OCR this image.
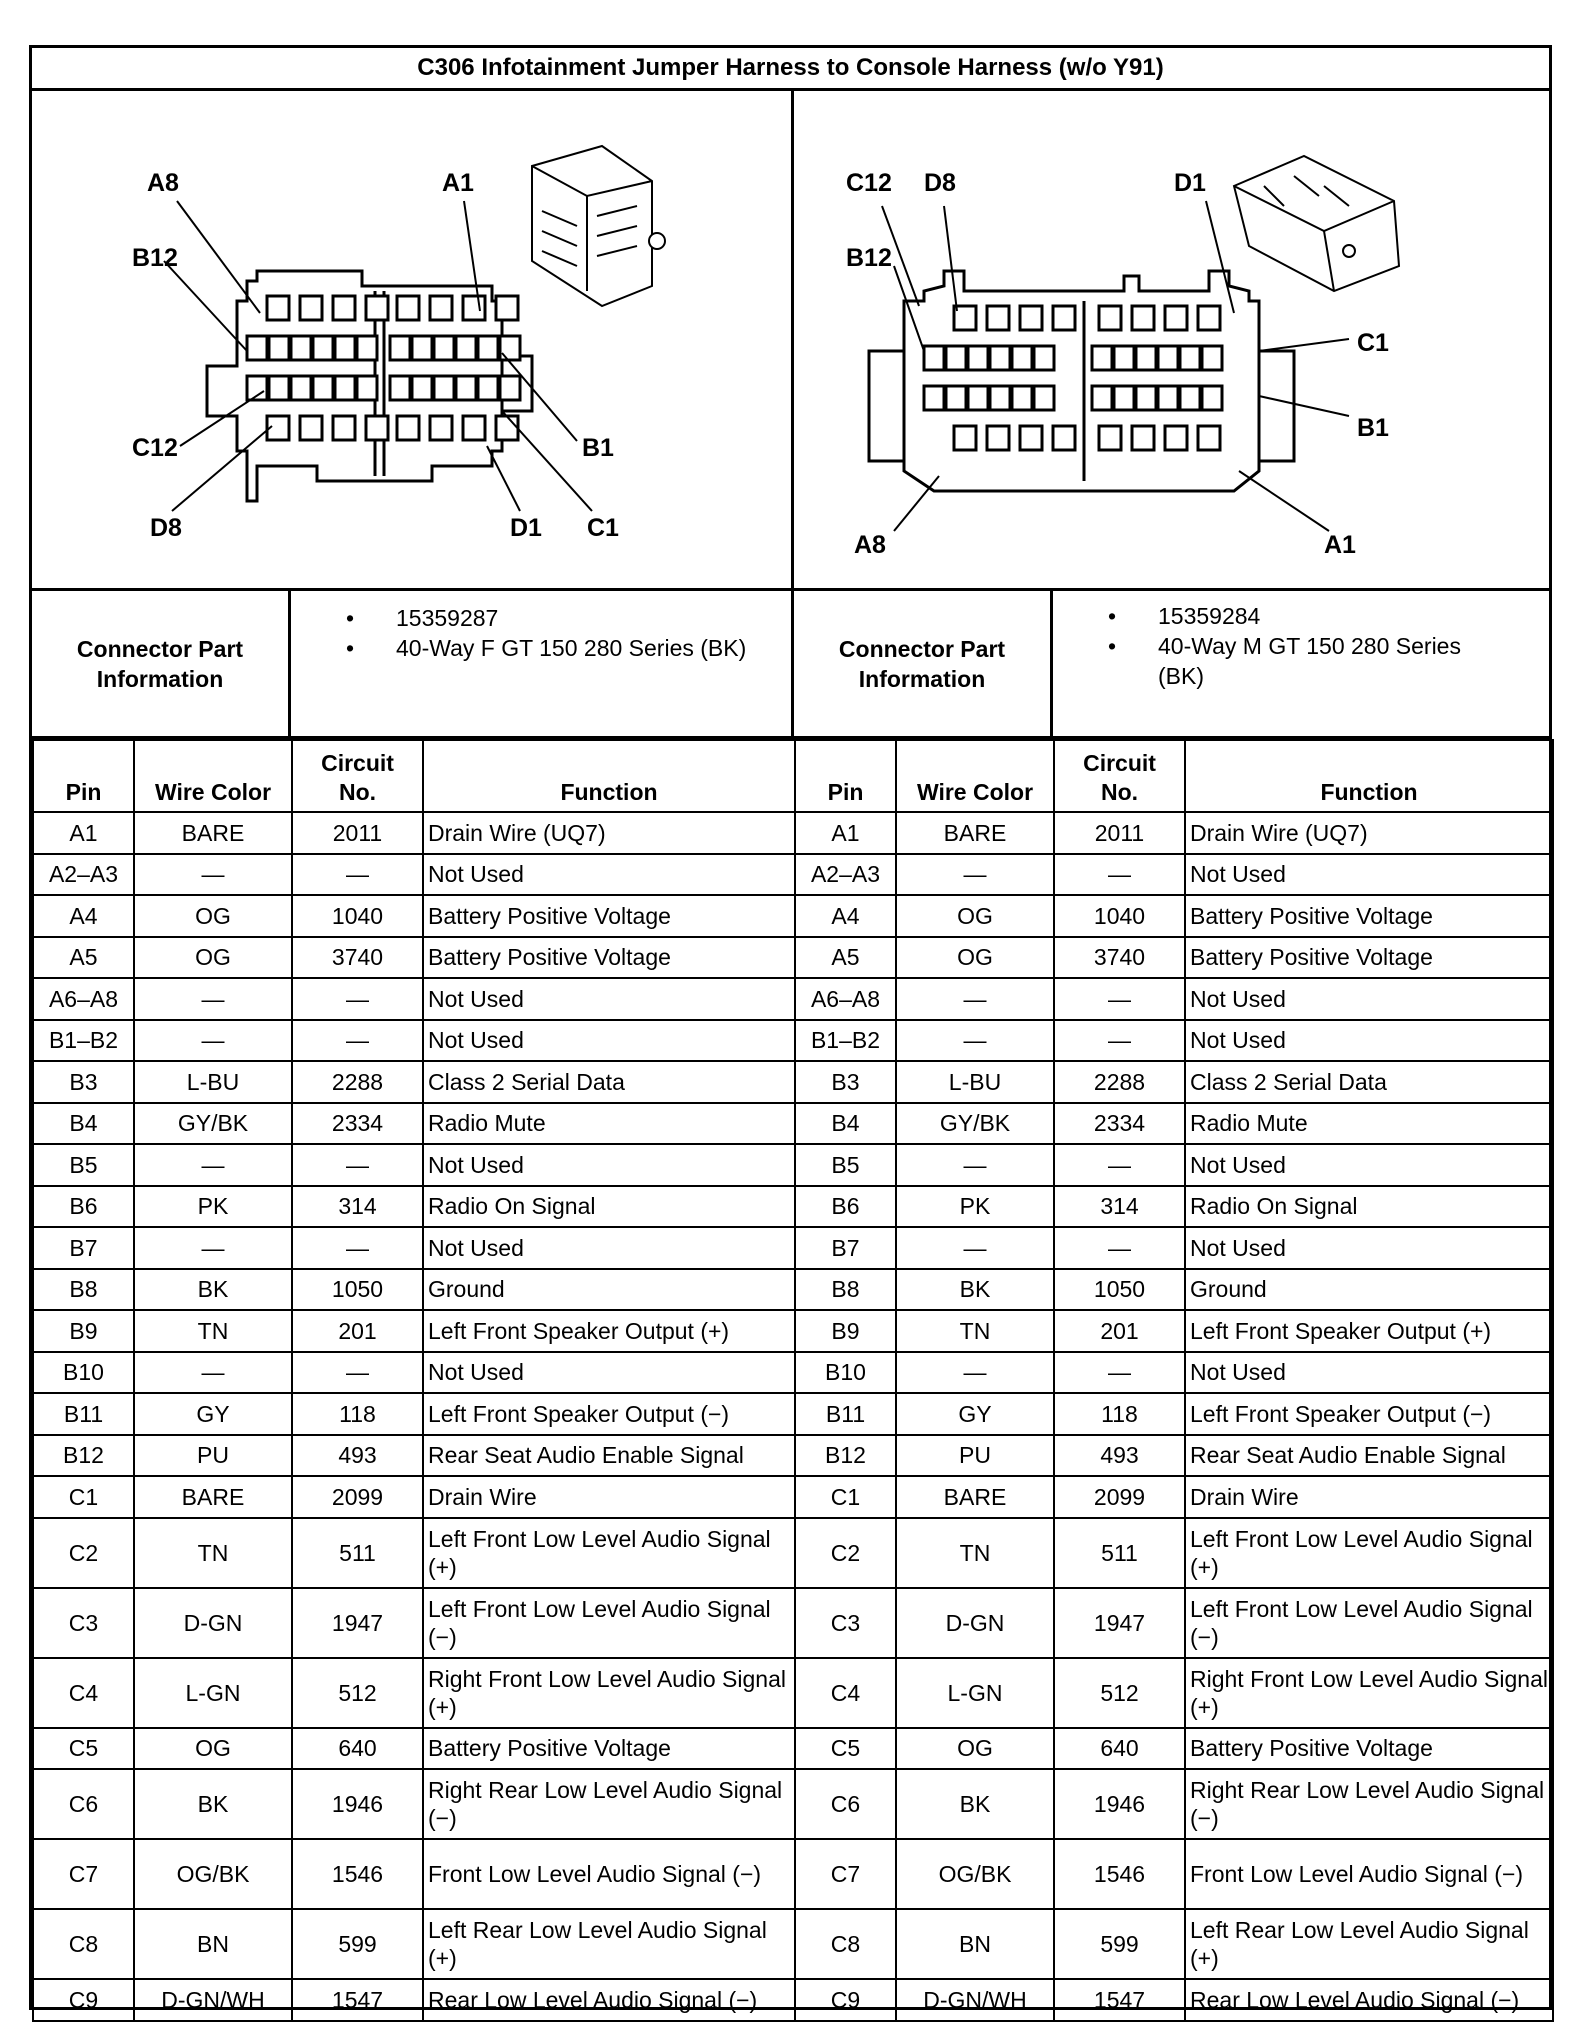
C306 Infotainment Jumper Harness to Console Harness (w/o Y91)
A8	A1
B12
C12	B1
D8	D1 C1
C12 D8	D1
B12
C1
B1
A8	A1
Connector Part Information
• 15359287
• 40-Way F GT 150 280 Series (BK)	Connector Part Information
• 15359284
• 40-Way M GT 150 280 Series (BK)
Pin	Wire Color	Circuit No.	Function
A1	BARE	2011	Drain Wire (UQ7)
A2–A3	—	—	Not Used
A4	OG	1040	Battery Positive Voltage
A5	OG	3740	Battery Positive Voltage
A6–A8	—	—	Not Used
B1–B2	—	—	Not Used
B3	L-BU	2288	Class 2 Serial Data
B4	GY/BK	2334	Radio Mute
B5	—	—	Not Used
B6	PK	314	Radio On Signal
B7	—	—	Not Used
B8	BK	1050	Ground
B9	TN	201	Left Front Speaker Output (+)
B10	—	—	Not Used
B11	GY	118	Left Front Speaker Output (−)
B12	PU	493	Rear Seat Audio Enable Signal
C1	BARE	2099	Drain Wire
C2	TN	511	Left Front Low Level Audio Signal (+)
C3	D-GN	1947	Left Front Low Level Audio Signal (−)
C4	L-GN	512	Right Front Low Level Audio Signal (+)
C5	OG	640	Battery Positive Voltage
C6	BK	1946	Right Rear Low Level Audio Signal (−)
C7	OG/BK	1546	Front Low Level Audio Signal (−)
C8	BN	599	Left Rear Low Level Audio Signal (+)
C9	D-GN/WH	1547	Rear Low Level Audio Signal (−)
Pin	Wire Color	Circuit No.	Function
A1	BARE	2011	Drain Wire (UQ7)
A2–A3	—	—	Not Used
A4	OG	1040	Battery Positive Voltage
A5	OG	3740	Battery Positive Voltage
A6–A8	—	—	Not Used
B1–B2	—	—	Not Used
B3	L-BU	2288	Class 2 Serial Data
B4	GY/BK	2334	Radio Mute
B5	—	—	Not Used
B6	PK	314	Radio On Signal
B7	—	—	Not Used
B8	BK	1050	Ground
B9	TN	201	Left Front Speaker Output (+)
B10	—	—	Not Used
B11	GY	118	Left Front Speaker Output (−)
B12	PU	493	Rear Seat Audio Enable Signal
C1	BARE	2099	Drain Wire
C2	TN	511	Left Front Low Level Audio Signal (+)
C3	D-GN	1947	Left Front Low Level Audio Signal (−)
C4	L-GN	512	Right Front Low Level Audio Signal (+)
C5	OG	640	Battery Positive Voltage
C6	BK	1946	Right Rear Low Level Audio Signal (−)
C7	OG/BK	1546	Front Low Level Audio Signal (−)
C8	BN	599	Left Rear Low Level Audio Signal (+)
C9	D-GN/WH	1547	Rear Low Level Audio Signal (−)
